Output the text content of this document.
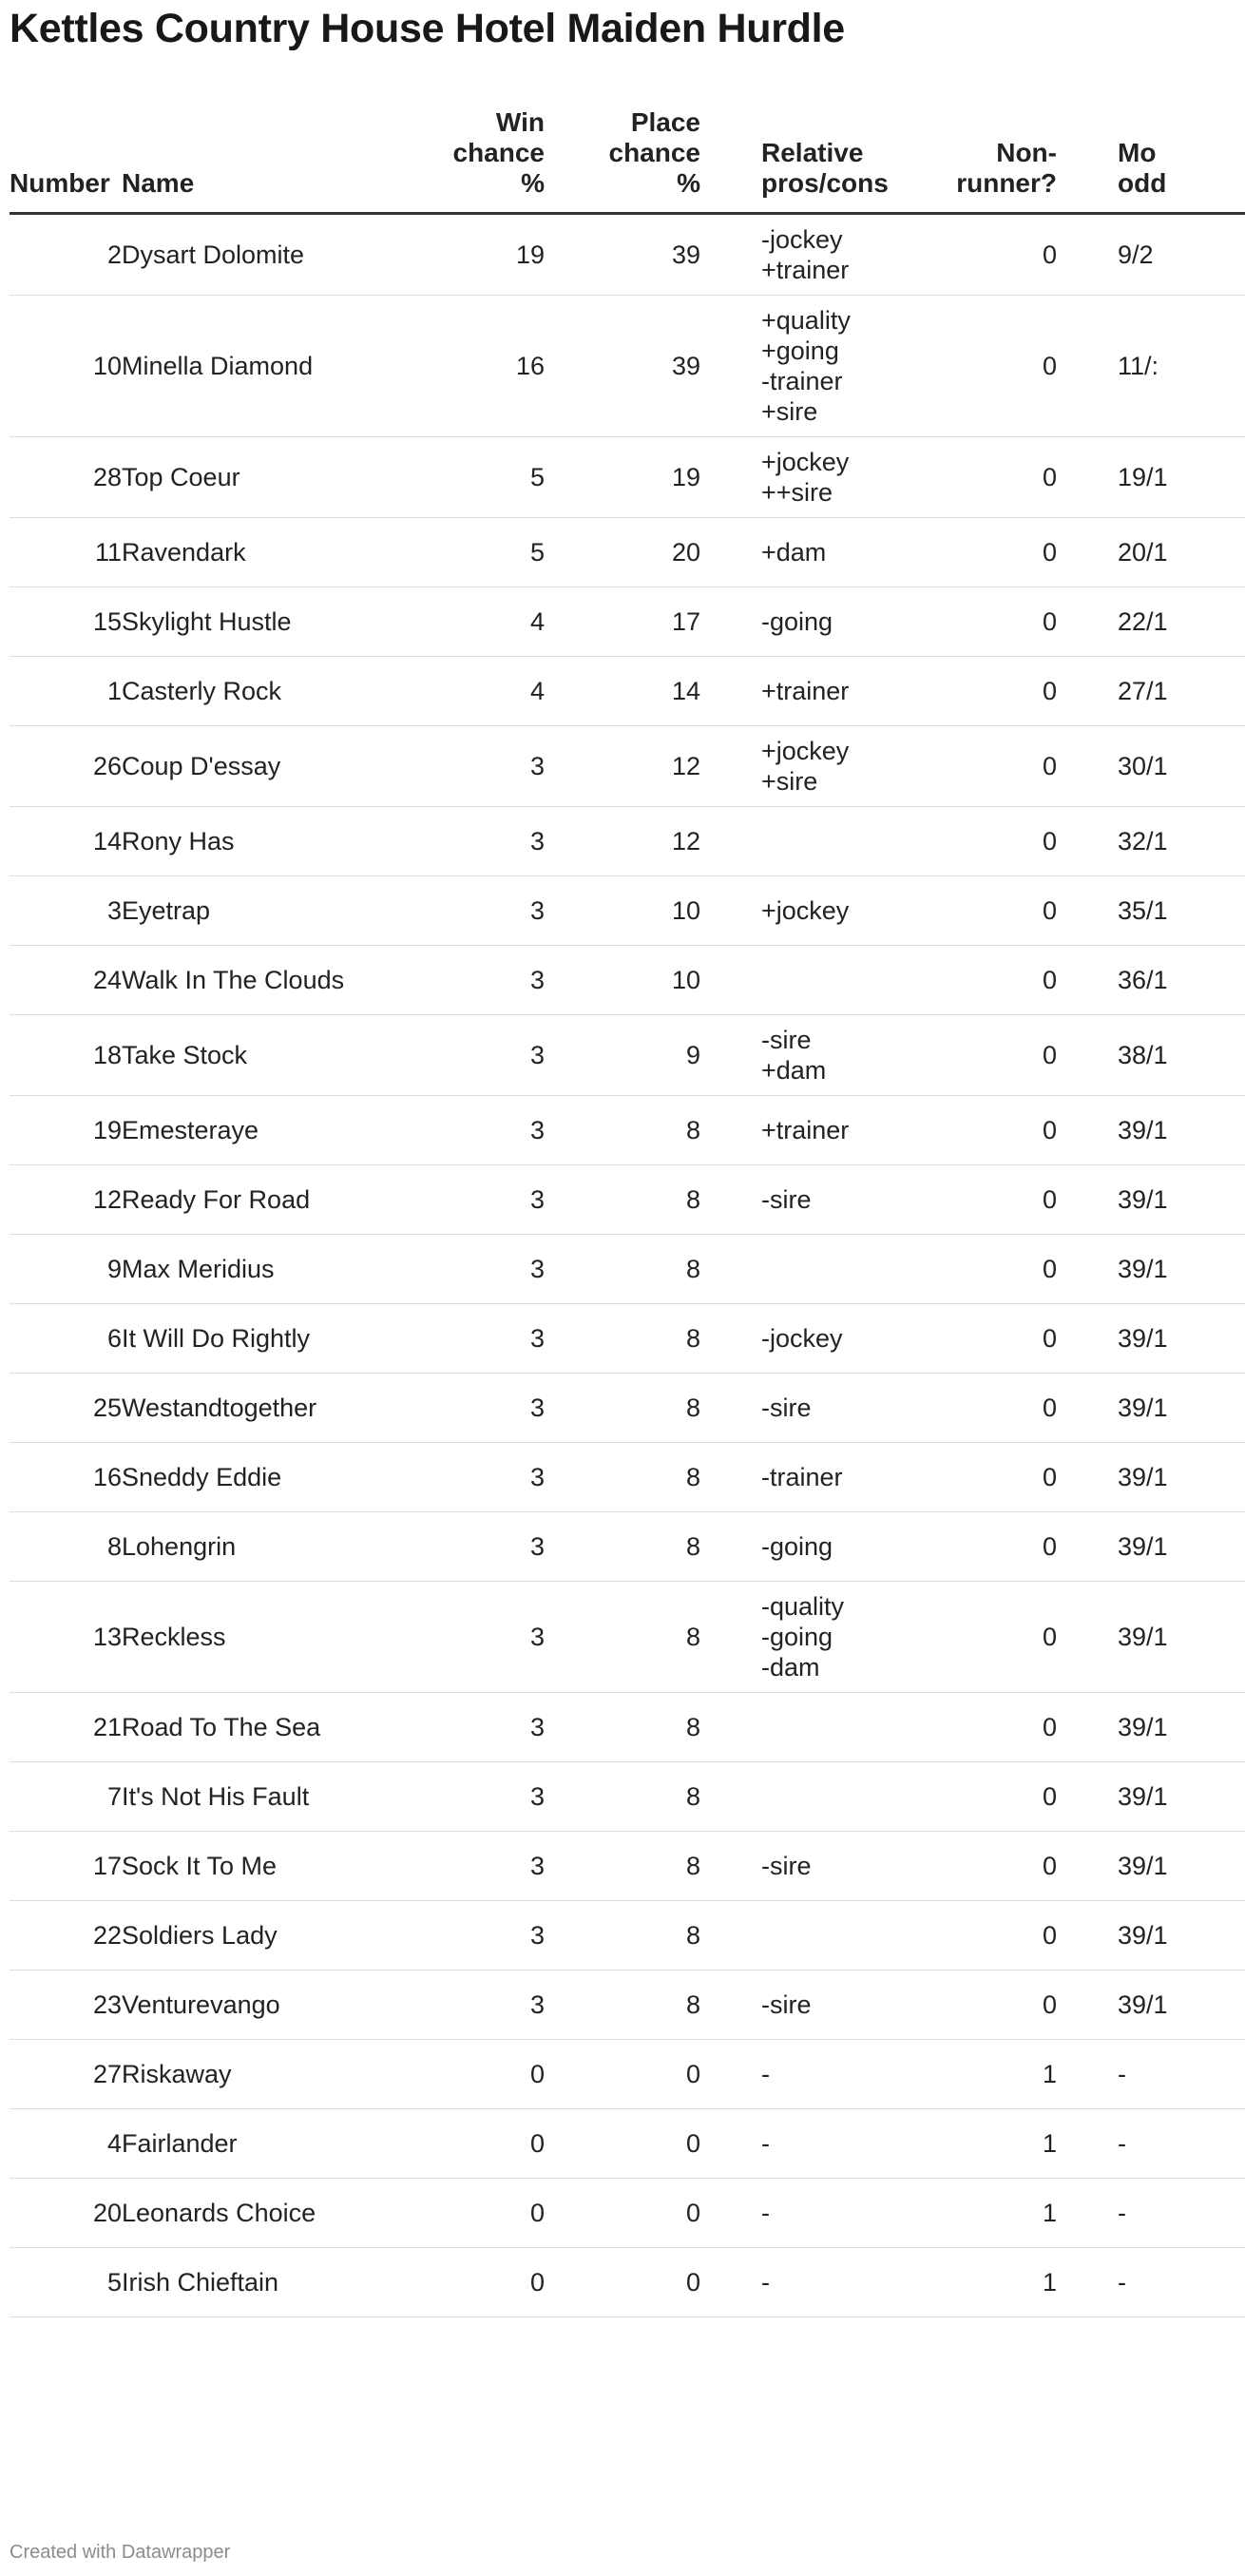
Kettles Country House Hotel Maiden Hurdle
Number	Name	Win
chance
%	Place
chance
%	Relative
pros/cons	Non-
runner?	Mo
odd
2	Dysart Dolomite	19	39	-jockey
+trainer	0	9/2
10	Minella Diamond	16	39	+quality
+going
-trainer
+sire	0	11/:
28	Top Coeur	5	19	+jockey
++sire	0	19/1
11	Ravendark	5	20	+dam	0	20/1
15	Skylight Hustle	4	17	-going	0	22/1
1	Casterly Rock	4	14	+trainer	0	27/1
26	Coup D'essay	3	12	+jockey
+sire	0	30/1
14	Rony Has	3	12		0	32/1
3	Eyetrap	3	10	+jockey	0	35/1
24	Walk In The Clouds	3	10		0	36/1
18	Take Stock	3	9	-sire
+dam	0	38/1
19	Emesteraye	3	8	+trainer	0	39/1
12	Ready For Road	3	8	-sire	0	39/1
9	Max Meridius	3	8		0	39/1
6	It Will Do Rightly	3	8	-jockey	0	39/1
25	Westandtogether	3	8	-sire	0	39/1
16	Sneddy Eddie	3	8	-trainer	0	39/1
8	Lohengrin	3	8	-going	0	39/1
13	Reckless	3	8	-quality
-going
-dam	0	39/1
21	Road To The Sea	3	8		0	39/1
7	It's Not His Fault	3	8		0	39/1
17	Sock It To Me	3	8	-sire	0	39/1
22	Soldiers Lady	3	8		0	39/1
23	Venturevango	3	8	-sire	0	39/1
27	Riskaway	0	0	-	1	-
4	Fairlander	0	0	-	1	-
20	Leonards Choice	0	0	-	1	-
5	Irish Chieftain	0	0	-	1	-
Created with Datawrapper
